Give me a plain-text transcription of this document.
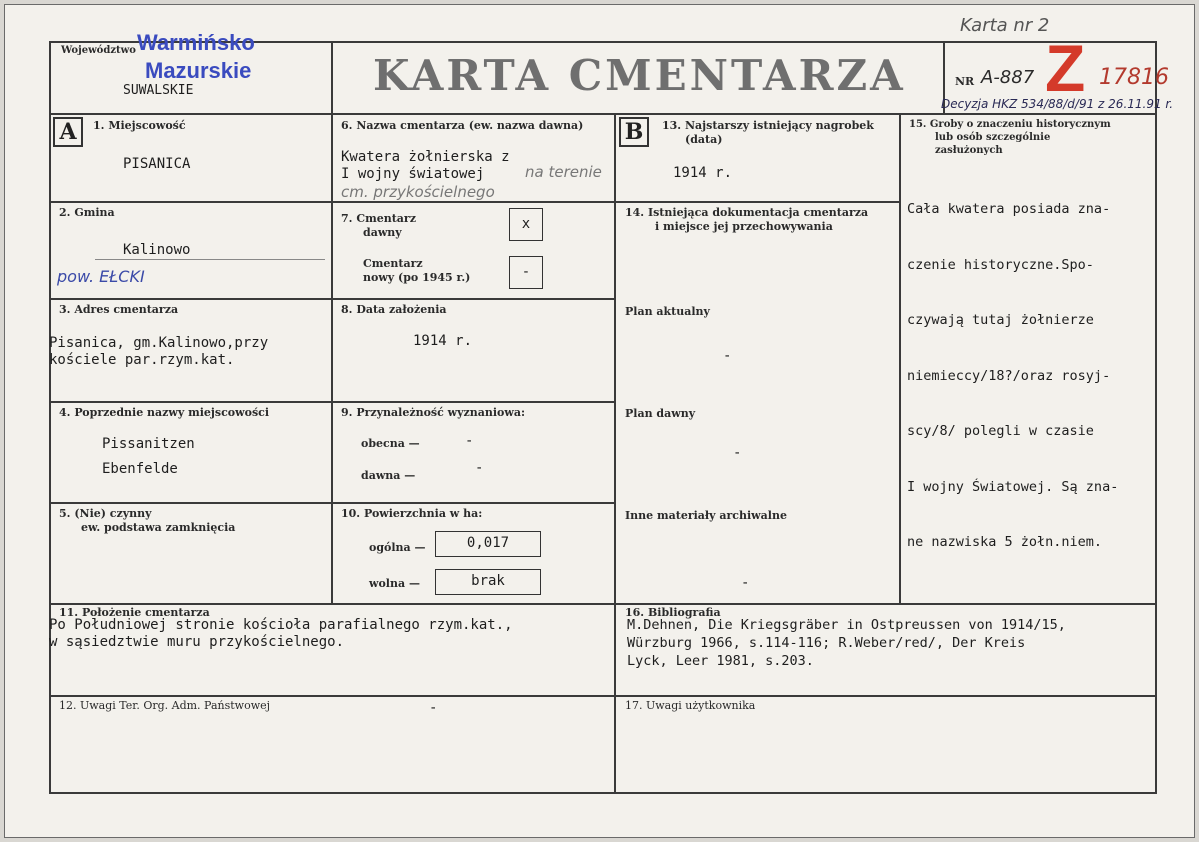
Województwo
SUWALSKIE
Warmińsko
Mazurskie	KARTA CMENTARZA	NR A-887
Karta nr 2
Z 17816
Decyzja HKZ 534/88/d/91 z 26.11.91 r.
A	B
1. Miejscowość
PISANICA
2. Gmina
Kalinowo
pow. EŁCKI
3. Adres cmentarza
Pisanica, gm.Kalinowo,przy
kościele par.rzym.kat.
4. Poprzednie nazwy miejscowości
Pissanitzen
Ebenfelde
5. (Nie) czynny
ew. podstawa zamknięcia
6. Nazwa cmentarza (ew. nazwa dawna)
Kwatera żołnierska z
I wojny światowej	na terenie
cm. przykościelnego
7. Cmentarz
dawny
x
Cmentarz
nowy (po 1945 r.)	-
8. Data założenia
1914 r.
9. Przynależność wyznaniowa:
obecna —	-
dawna —	-
10. Powierzchnia w ha:
ogólna —	0,017
wolna —	brak
11. Położenie cmentarza
Po Południowej stronie kościoła parafialnego rzym.kat.,
w sąsiedztwie muru przykościelnego.
12. Uwagi Ter. Org. Adm. Państwowej	-
13. Najstarszy istniejący nagrobek
(data)
1914 r.
14. Istniejąca dokumentacja cmentarza
i miejsce jej przechowywania
Plan aktualny
-
Plan dawny
-
Inne materiały archiwalne
-
15. Groby o znaczeniu historycznym
lub osób szczególnie
zasłużonych

Cała kwatera posiada zna-

czenie historyczne.Spo-

czywają tutaj żołnierze

niemieccy/18?/oraz rosyj-

scy/8/ polegli w czasie

I wojny Światowej. Są zna-

ne nazwiska 5 żołn.niem.

16. Bibliografia
M.Dehnen, Die Kriegsgräber in Ostpreussen von 1914/15,
Würzburg 1966, s.114-116; R.Weber/red/, Der Kreis
Lyck, Leer 1981, s.203.
17. Uwagi użytkownika
